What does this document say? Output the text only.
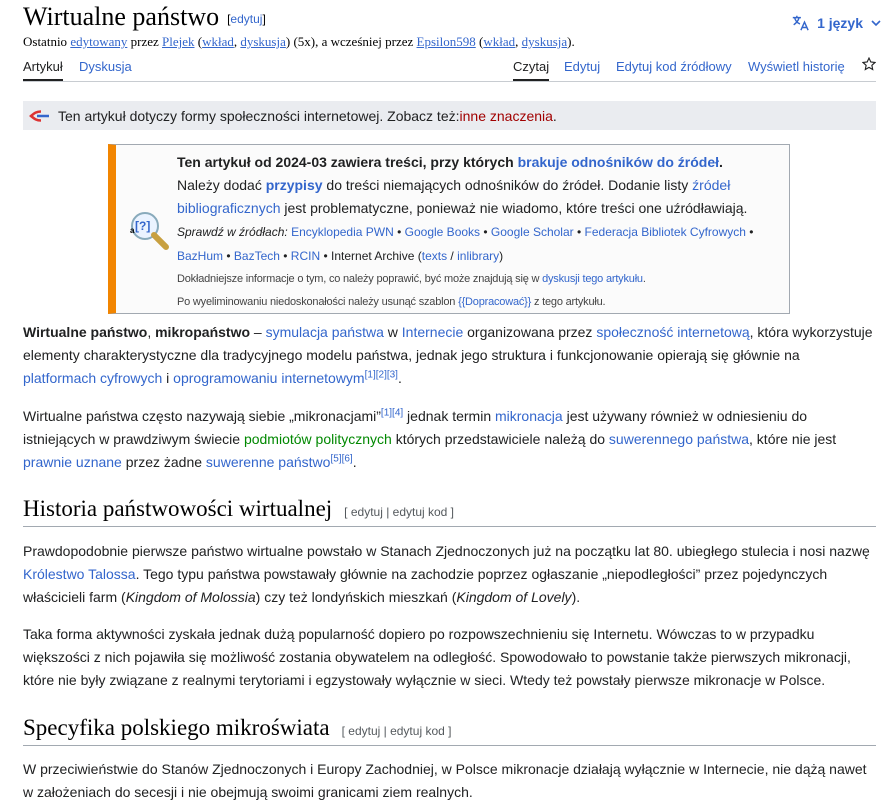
Wirtualne państwo [edytuj]	1 język
Ostatnio edytowany przez Plejek (wkład, dyskusja) (5x), a wcześniej przez Epsilon598 (wkład, dyskusja).
Artykuł Dyskusja	Czytaj Edytuj Edytuj kod źródłowy Wyświetl historię
Ten artykuł dotyczy formy społeczności internetowej. Zobacz też: inne znaczenia .
[?]
a
Ten artykuł od 2024-03 zawiera treści, przy których brakuje odnośników do źródeł.
Należy dodać przypisy do treści niemających odnośników do źródeł. Dodanie listy źródeł bibliograficznych jest problematyczne, ponieważ nie wiadomo, które treści one uźródławiają.
Sprawdź w źródłach: Encyklopedia PWN • Google Books • Google Scholar • Federacja Bibliotek Cyfrowych •
BazHum • BazTech • RCIN • Internet Archive (texts / inlibrary)
Dokładniejsze informacje o tym, co należy poprawić, być może znajdują się w dyskusji tego artykułu.
Po wyeliminowaniu niedoskonałości należy usunąć szablon {{Dopracować}} z tego artykułu.

Wirtualne państwo, mikropaństwo – symulacja państwa w Internecie organizowana przez społeczność internetową, która wykorzystuje elementy charakterystyczne dla tradycyjnego modelu państwa, jednak jego struktura i funkcjonowanie opierają się głównie na platformach cyfrowych i oprogramowaniu internetowym[1][2][3].

Wirtualne państwa często nazywają siebie „mikronacjami”[1][4] jednak termin mikronacja jest używany również w odniesieniu do istniejących w prawdziwym świecie podmiotów politycznych których przedstawiciele należą do suwerennego państwa, które nie jest prawnie uznane przez żadne suwerenne państwo[5][6].

Historia państwowości wirtualnej [ edytuj | edytuj kod ]

Prawdopodobnie pierwsze państwo wirtualne powstało w Stanach Zjednoczonych już na początku lat 80. ubiegłego stulecia i nosi nazwę Królestwo Talossa. Tego typu państwa powstawały głównie na zachodzie poprzez ogłaszanie „niepodległości” przez pojedynczych właścicieli farm (Kingdom of Molossia) czy też londyńskich mieszkań (Kingdom of Lovely).

Taka forma aktywności zyskała jednak dużą popularność dopiero po rozpowszechnieniu się Internetu. Wówczas to w przypadku większości z nich pojawiła się możliwość zostania obywatelem na odległość. Spowodowało to powstanie także pierwszych mikronacji, które nie były związane z realnymi terytoriami i egzystowały wyłącznie w sieci. Wtedy też powstały pierwsze mikronacje w Polsce.

Specyfika polskiego mikroświata [ edytuj | edytuj kod ]

W przeciwieństwie do Stanów Zjednoczonych i Europy Zachodniej, w Polsce mikronacje działają wyłącznie w Internecie, nie dążą nawet w założeniach do secesji i nie obejmują swoimi granicami ziem realnych.
